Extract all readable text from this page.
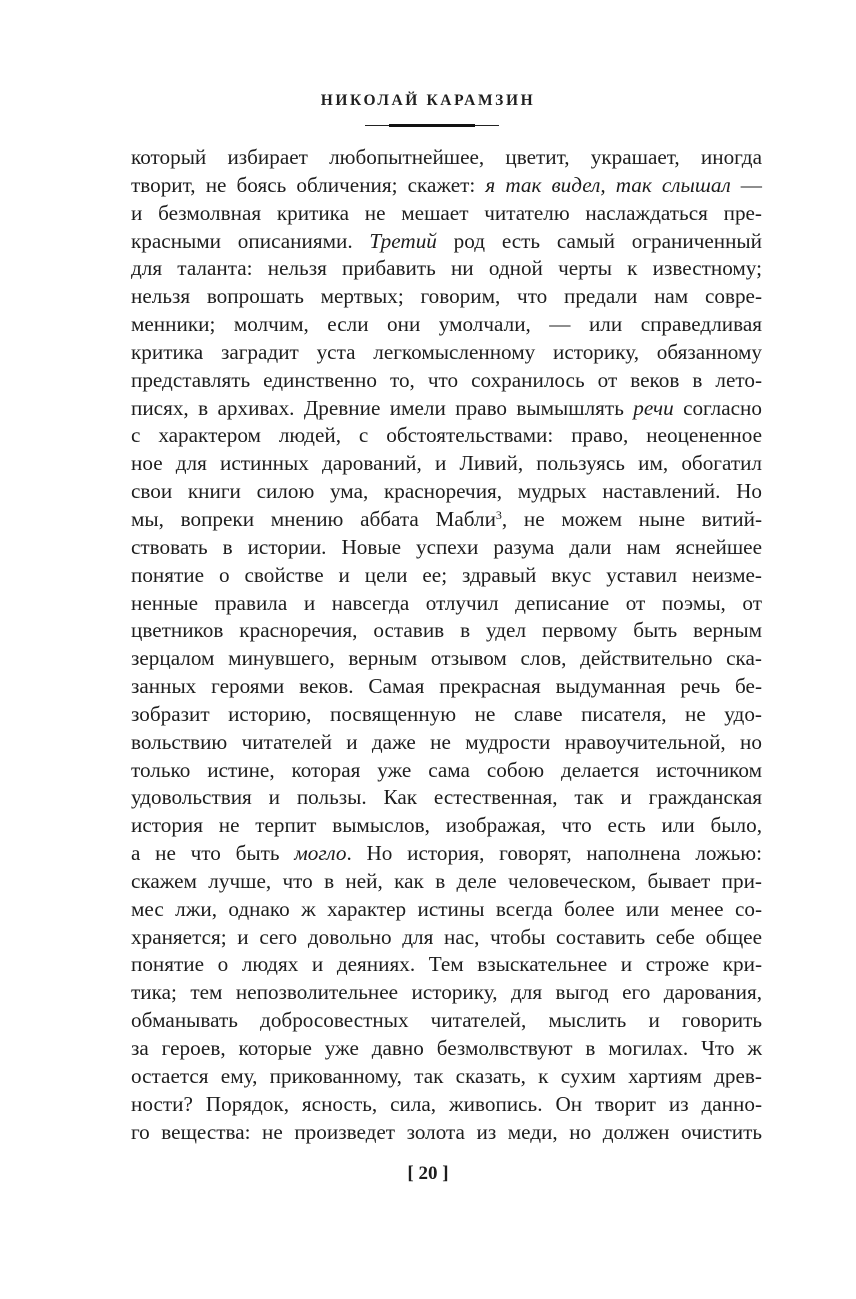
НИКОЛАЙ КАРАМЗИН
который избирает любопытнейшее, цветит, украшает, иногда
творит, не боясь обличения; скажет: я так видел, так слышал —
и безмолвная критика не мешает читателю наслаждаться пре-
красными описаниями. Третий род есть самый ограниченный
для таланта: нельзя прибавить ни одной черты к известному;
нельзя вопрошать мертвых; говорим, что предали нам совре-
менники; молчим, если они умолчали, — или справедливая
критика заградит уста легкомысленному историку, обязанному
представлять единственно то, что сохранилось от веков в лето-
писях, в архивах. Древние имели право вымышлять речи согласно
с характером людей, с обстоятельствами: право, неоцененное
ное для истинных дарований, и Ливий, пользуясь им, обогатил
свои книги силою ума, красноречия, мудрых наставлений. Но
мы, вопреки мнению аббата Мабли$^3$, не можем ныне витий-
ствовать в истории. Новые успехи разума дали нам яснейшее
понятие о свойстве и цели ее; здравый вкус уставил неизме-
ненные правила и навсегда отлучил деписание от поэмы, от
цветников красноречия, оставив в удел первому быть верным
зерцалом минувшего, верным отзывом слов, действительно ска-
занных героями веков. Самая прекрасная выдуманная речь бе-
зобразит историю, посвященную не славе писателя, не удо-
вольствию читателей и даже не мудрости нравоучительной, но
только истине, которая уже сама собою делается источником
удовольствия и пользы. Как естественная, так и гражданская
история не терпит вымыслов, изображая, что есть или было,
а не что быть могло. Но история, говорят, наполнена ложью:
скажем лучше, что в ней, как в деле человеческом, бывает при-
мес лжи, однако ж характер истины всегда более или менее со-
храняется; и сего довольно для нас, чтобы составить себе общее
понятие о людях и деяниях. Тем взыскательнее и строже кри-
тика; тем непозволительнее историку, для выгод его дарования,
обманывать добросовестных читателей, мыслить и говорить
за героев, которые уже давно безмолвствуют в могилах. Что ж
остается ему, прикованному, так сказать, к сухим хартиям древ-
ности? Порядок, ясность, сила, живопись. Он творит из данно-
го вещества: не произведет золота из меди, но должен очистить
[ 20 ]
